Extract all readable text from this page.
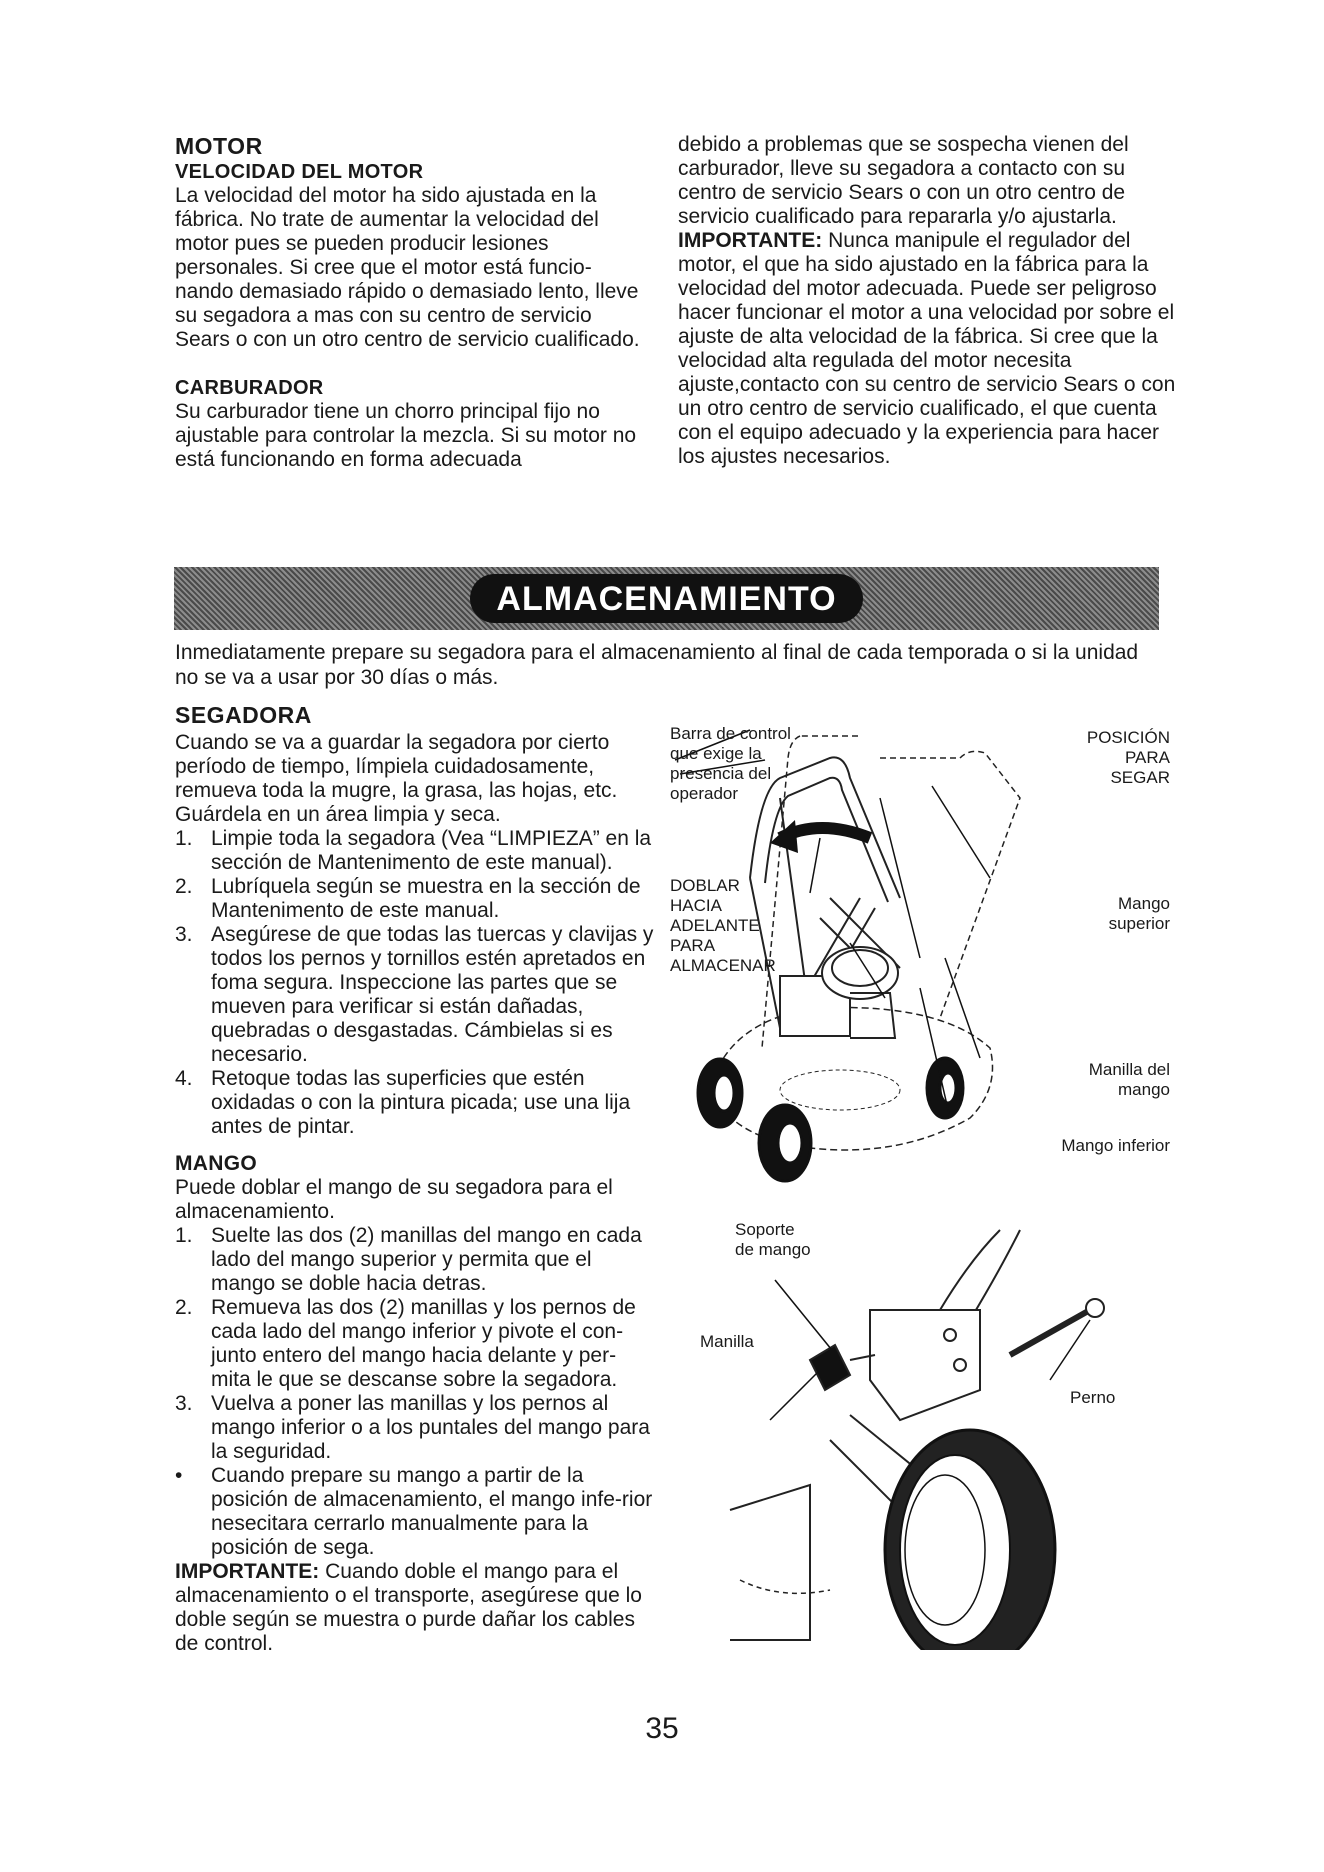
MOTOR
VELOCIDAD DEL MOTOR

La velocidad del motor ha sido ajustada en la fábrica. No trate de aumentar la velocidad del motor pues se pueden producir lesiones personales. Si cree que el motor está funcio-nando demasiado rápido o demasiado lento, lleve su segadora a mas con su centro de servicio Sears o con un otro centro de servicio cualificado.

CARBURADOR

Su carburador tiene un chorro principal fijo no ajustable para controlar la mezcla. Si su motor no está funcionando en forma adecuada

debido a problemas que se sospecha vienen del carburador, lleve su segadora a contacto con su centro de servicio Sears o con un otro centro de servicio cualificado para repararla y/o ajustarla.

IMPORTANTE: Nunca manipule el regulador del motor, el que ha sido ajustado en la fábrica para la velocidad del motor adecuada. Puede ser peligroso hacer funcionar el motor a una velocidad por sobre el ajuste de alta velocidad de la fábrica. Si cree que la velocidad alta regulada del motor necesita ajuste,contacto con su centro de servicio Sears o con un otro centro de servicio cualificado, el que cuenta con el equipo adecuado y la experiencia para hacer los ajustes necesarios.

ALMACENAMIENTO
Inmediatamente prepare su segadora para el almacenamiento al final de cada temporada o si la unidad no se va a usar por 30 días o más.
SEGADORA

Cuando se va a guardar la segadora por cierto período de tiempo, límpiela cuidadosamente, remueva toda la mugre, la grasa, las hojas, etc. Guárdela en un área limpia y seca.

1. Limpie toda la segadora (Vea “LIMPIEZA” en la sección de Mantenimento de este manual).
2. Lubríquela según se muestra en la sección de Mantenimento de este manual.
3. Asegúrese de que todas las tuercas y clavijas y todos los pernos y tornillos estén apretados en foma segura. Inspeccione las partes que se mueven para verificar si están dañadas, quebradas o desgastadas. Cámbielas si es necesario.
4. Retoque todas las superficies que estén oxidadas o con la pintura picada; use una lija antes de pintar.
MANGO

Puede doblar el mango de su segadora para el almacenamiento.

1. Suelte las dos (2) manillas del mango en cada lado del mango superior y permita que el mango se doble hacia detras.
2. Remueva las dos (2) manillas y los pernos de cada lado del mango inferior y pivote el con-junto entero del mango hacia delante y per-mita le que se descanse sobre la segadora.
3. Vuelva a poner las manillas y los pernos al mango inferior o a los puntales del mango para la seguridad.
• Cuando prepare su mango a partir de la posición de almacenamiento, el mango infe-rior nesecitara cerrarlo manualmente para la posición de sega.

IMPORTANTE: Cuando doble el mango para el almacenamiento o el transporte, asegúrese que lo doble según se muestra o purde dañar los cables de control.

Barra de control
que exige la
presencia del
operador
POSICIÓN
PARA
SEGAR
DOBLAR
HACIA
ADELANTE
PARA
ALMACENAR
Mango
superior
Manilla del
mango
Mango inferior
Soporte
de mango
Manilla
Perno
35
